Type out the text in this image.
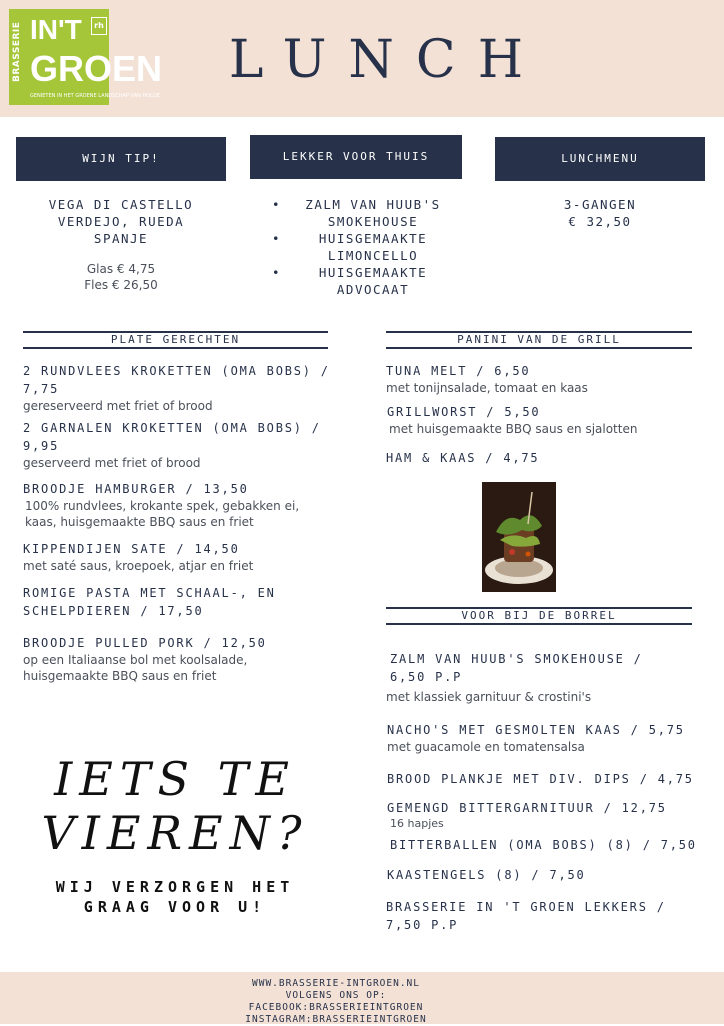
BRASSERIE IN'T	rh
GROEN
GENIETEN IN HET GROENE LANDSCHAP VAN HOLDE
LUNCH
WIJN TIP!	LEKKER VOOR THUIS	LUNCHMENU
VEGA DI CASTELLO
VERDEJO, RUEDA
SPANJE
Glas € 4,75
Fles € 26,50
•	ZALM VAN HUUB'S SMOKEHOUSE
•	HUISGEMAAKTE LIMONCELLO
•	HUISGEMAAKTE ADVOCAAT
3-GANGEN
€ 32,50
PLATE GERECHTEN
2 RUNDVLEES KROKETTEN (OMA BOBS) / 7,75
gereserveerd met friet of brood
2 GARNALEN KROKETTEN (OMA BOBS) / 9,95
geserveerd met friet of brood
BROODJE HAMBURGER / 13,50
100% rundvlees, krokante spek, gebakken ei, kaas, huisgemaakte BBQ saus en friet
KIPPENDIJEN SATE / 14,50
met saté saus, kroepoek, atjar en friet
ROMIGE PASTA MET SCHAAL-, EN SCHELPDIEREN / 17,50
BROODJE PULLED PORK / 12,50
op een Italiaanse bol met koolsalade, huisgemaakte BBQ saus en friet
IETS TE
VIEREN?
WIJ VERZORGEN HET
GRAAG VOOR U!
PANINI VAN DE GRILL
TUNA MELT / 6,50
met tonijnsalade, tomaat en kaas
GRILLWORST / 5,50
met huisgemaakte BBQ saus en sjalotten
HAM & KAAS / 4,75
VOOR BIJ DE BORREL
ZALM VAN HUUB'S SMOKEHOUSE / 6,50 P.P
met klassiek garnituur & crostini's
NACHO'S MET GESMOLTEN KAAS / 5,75
met guacamole en tomatensalsa
BROOD PLANKJE MET DIV. DIPS / 4,75
GEMENGD BITTERGARNITUUR / 12,75
16 hapjes
BITTERBALLEN (OMA BOBS) (8) / 7,50
KAASTENGELS (8) / 7,50
BRASSERIE IN 'T GROEN LEKKERS / 7,50 P.P
WWW.BRASSERIE-INTGROEN.NL
VOLGENS ONS OP:
FACEBOOK:BRASSERIEINTGROEN
INSTAGRAM:BRASSERIEINTGROEN
